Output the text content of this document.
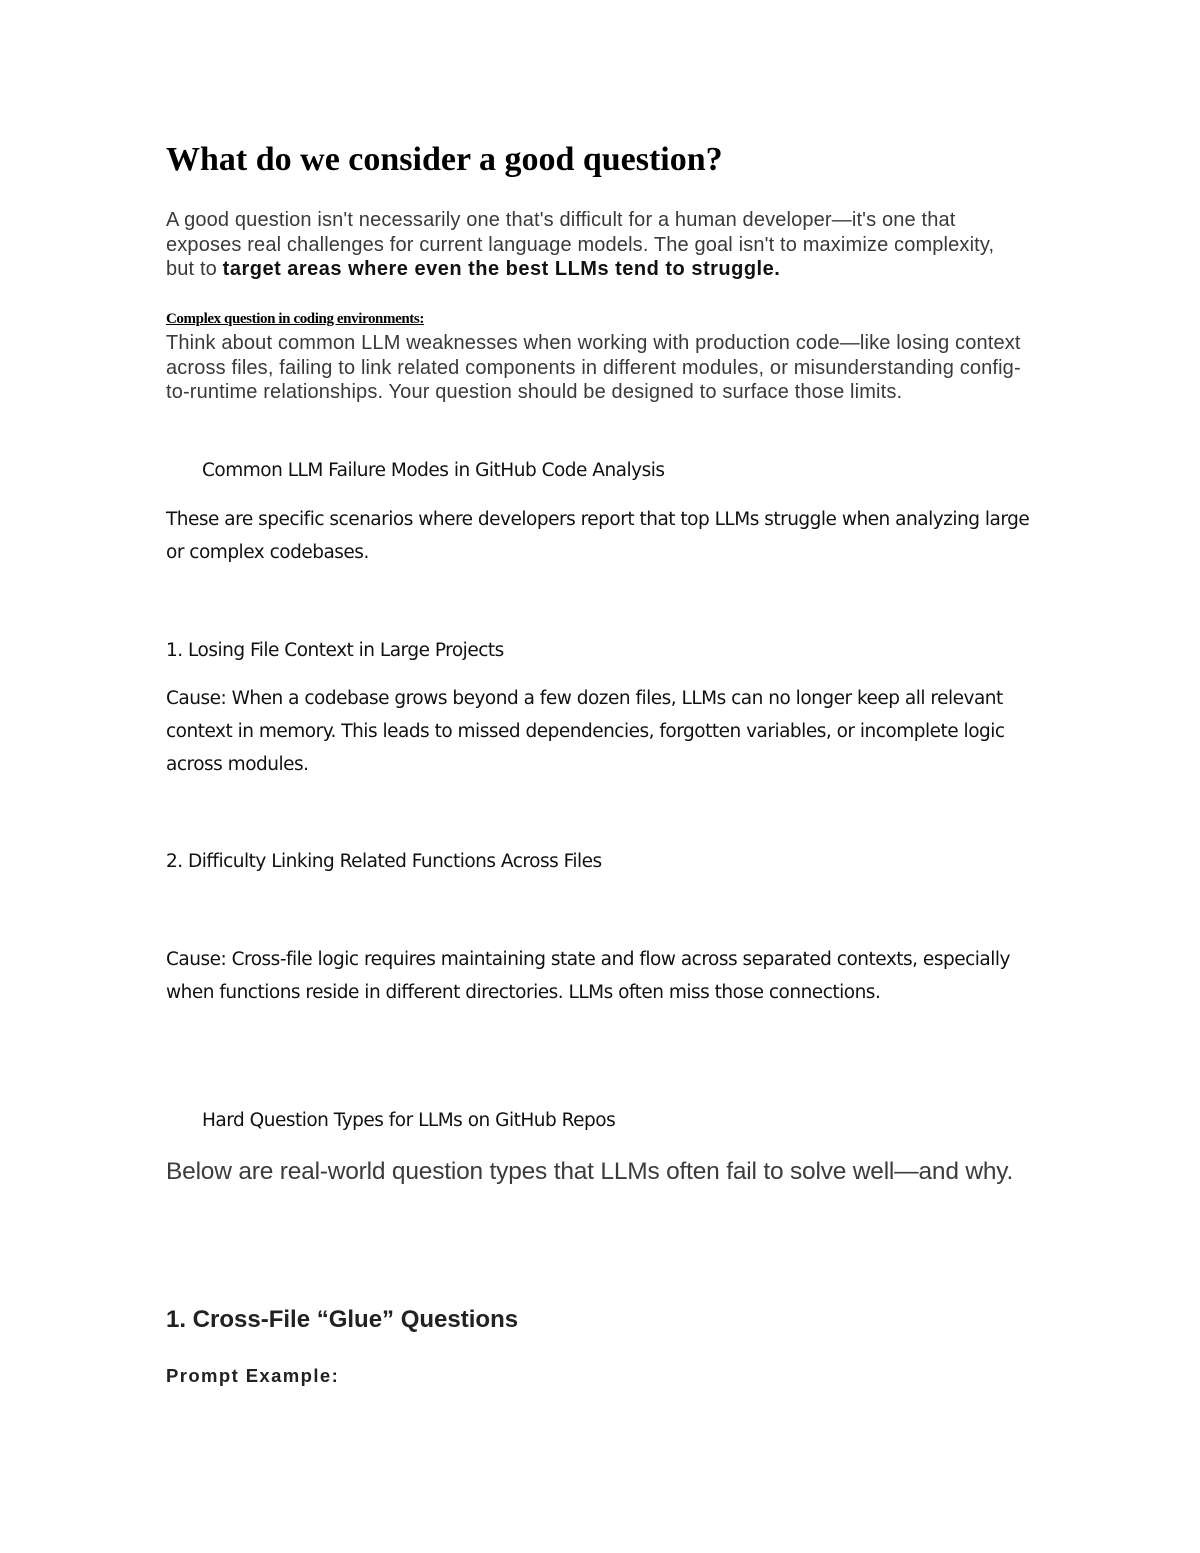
What do we consider a good question?

A good question isn't necessarily one that's difficult for a human developer—it's one that exposes real challenges for current language models. The goal isn't to maximize complexity, but to target areas where even the best LLMs tend to struggle.

Complex question in coding environments:

Think about common LLM weaknesses when working with production code—like losing context across files, failing to link related components in different modules, or misunderstanding config-to-runtime relationships. Your question should be designed to surface those limits.

Common LLM Failure Modes in GitHub Code Analysis

These are specific scenarios where developers report that top LLMs struggle when analyzing large or complex codebases.

1. Losing File Context in Large Projects

Cause: When a codebase grows beyond a few dozen files, LLMs can no longer keep all relevant context in memory. This leads to missed dependencies, forgotten variables, or incomplete logic across modules.

2. Difficulty Linking Related Functions Across Files

Cause: Cross-file logic requires maintaining state and flow across separated contexts, especially when functions reside in different directories. LLMs often miss those connections.

Hard Question Types for LLMs on GitHub Repos

Below are real-world question types that LLMs often fail to solve well—and why.

1. Cross-File “Glue” Questions
Prompt Example:
